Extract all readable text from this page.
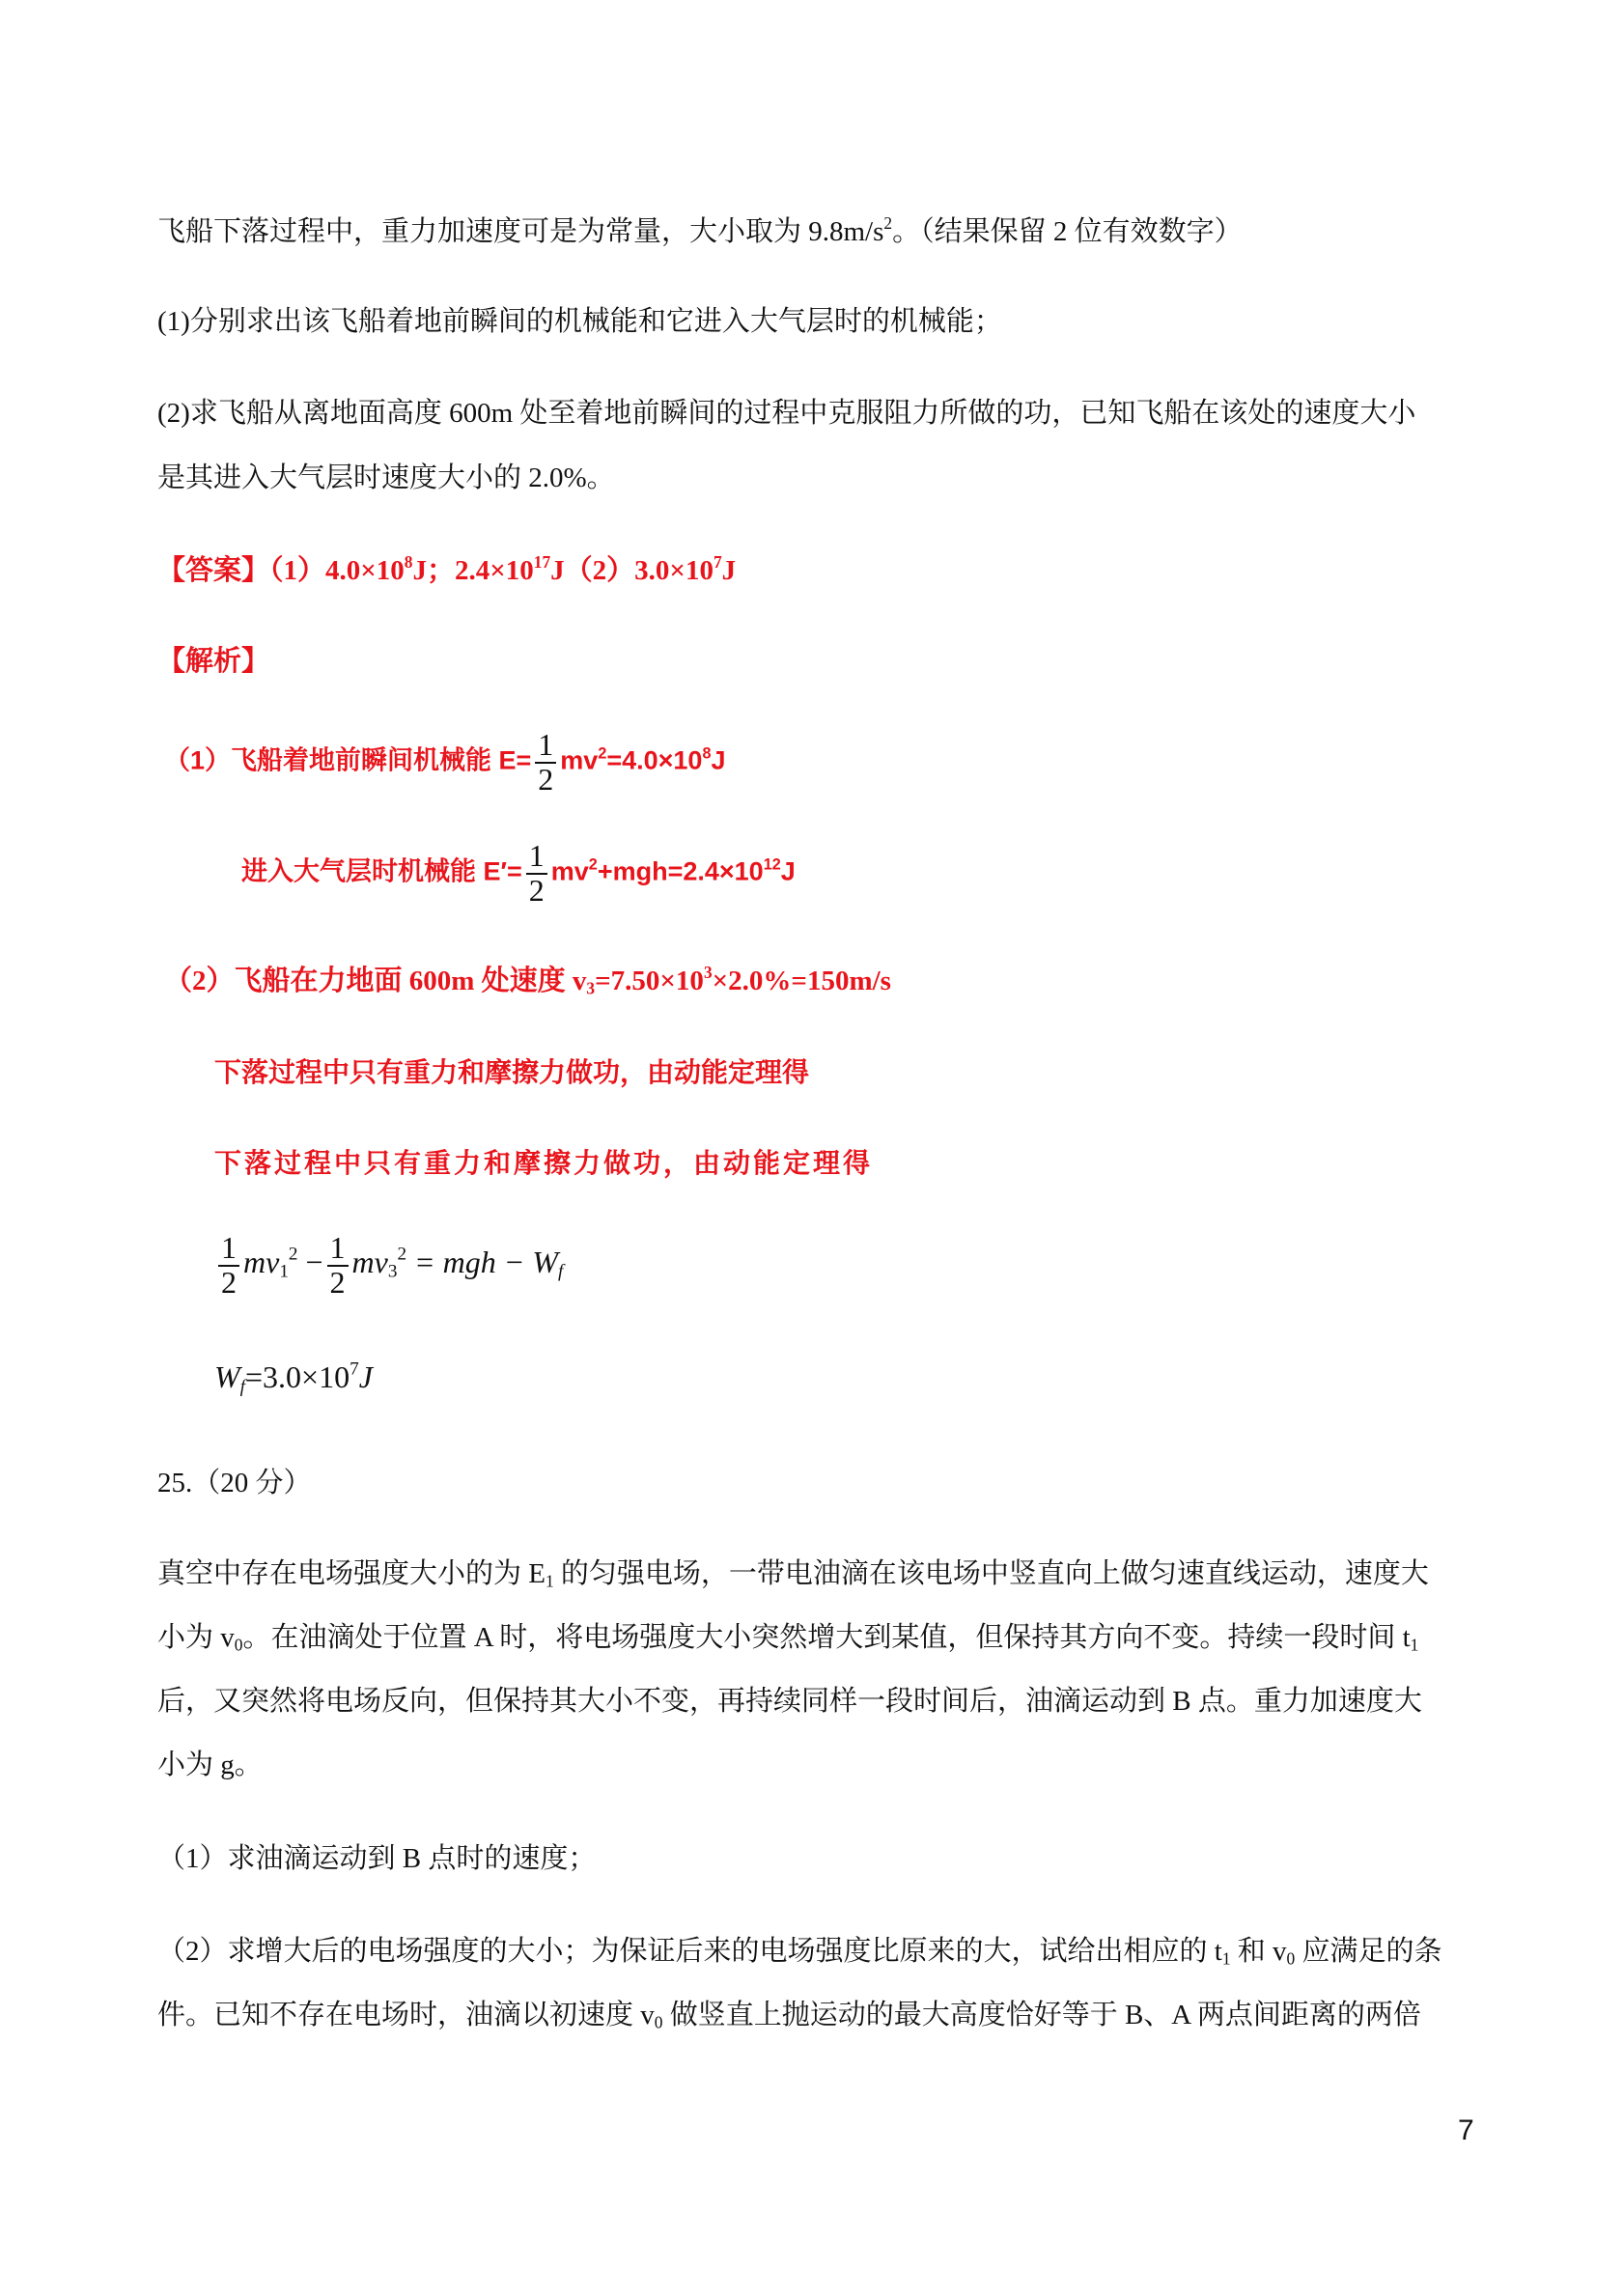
飞船下落过程中，重力加速度可是为常量，大小取为 $9.8m/s^2$。（结果保留 2 位有效数字）
(1)分别求出该飞船着地前瞬间的机械能和它进入大气层时的机械能；
(2)求飞船从离地面高度 600m 处至着地前瞬间的过程中克服阻力所做的功，已知飞船在该处的速度大小
是其进入大气层时速度大小的 2.0%。
【答案】$(1)4.0\times 10^8J$；$2.4\times 10^{17}J(2)3.0\times 10^7J$
【解析】
（1）飞船着地前瞬间机械能 $E= \frac{1}{2} mv^2=4.0\times 10^8J$
进入大气层时机械能 $E'= \frac{1}{2} mv^2+mgh=2.4\times 10^{12}J$
（2）飞船在力地面 600m 处速度 $v_3=7.50\times 10^3\times 2.0\%=150m/s$
下落过程中只有重力和摩擦力做功，由动能定理得
下落过程中只有重力和摩擦力做功，由动能定理得
$\frac{1}{2} mv_1^2 - \frac{1}{2} mv_3^2$ = mgh − $W_f$
$W_f=3.0\times 10^7J$
25.（20 分）
真空中存在电场强度大小的为 $E_1$ 的匀强电场，一带电油滴在该电场中竖直向上做匀速直线运动，速度大
小为 $v_0$。在油滴处于位置 A 时，将电场强度大小突然增大到某值，但保持其方向不变。持续一段时间 $t_1$
后，又突然将电场反向，但保持其大小不变，再持续同样一段时间后，油滴运动到 B 点。重力加速度大
小为 g。
（1）求油滴运动到 B 点时的速度；
（2）求增大后的电场强度的大小；为保证后来的电场强度比原来的大，试给出相应的 $t_1$ 和 $v_0$ 应满足的条
件。已知不存在电场时，油滴以初速度 $v_0$ 做竖直上抛运动的最大高度恰好等于 B、A 两点间距离的两倍
7
